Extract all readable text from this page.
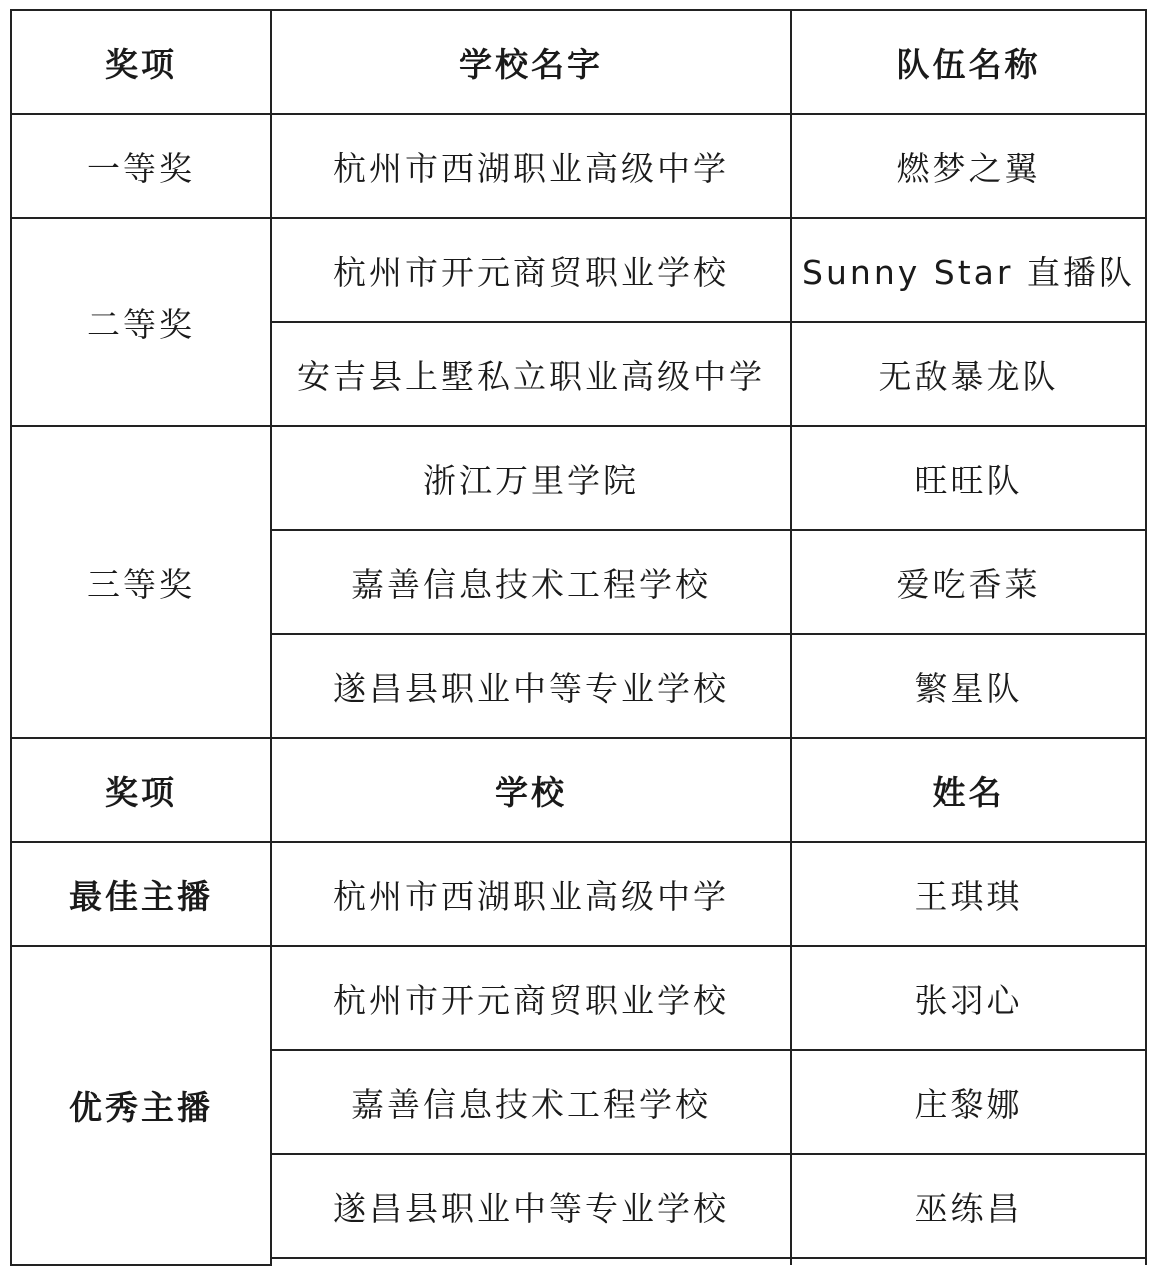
奖项	学校名字	队伍名称
一等奖	杭州市西湖职业高级中学	燃梦之翼
二等奖	杭州市开元商贸职业学校	Sunny Star 直播队
	安吉县上墅私立职业高级中学	无敌暴龙队
三等奖	浙江万里学院	旺旺队
	嘉善信息技术工程学校	爱吃香菜
	遂昌县职业中等专业学校	繁星队
奖项	学校	姓名
最佳主播	杭州市西湖职业高级中学	王琪琪
优秀主播	杭州市开元商贸职业学校	张羽心
	嘉善信息技术工程学校	庄黎娜
	遂昌县职业中等专业学校	巫练昌
